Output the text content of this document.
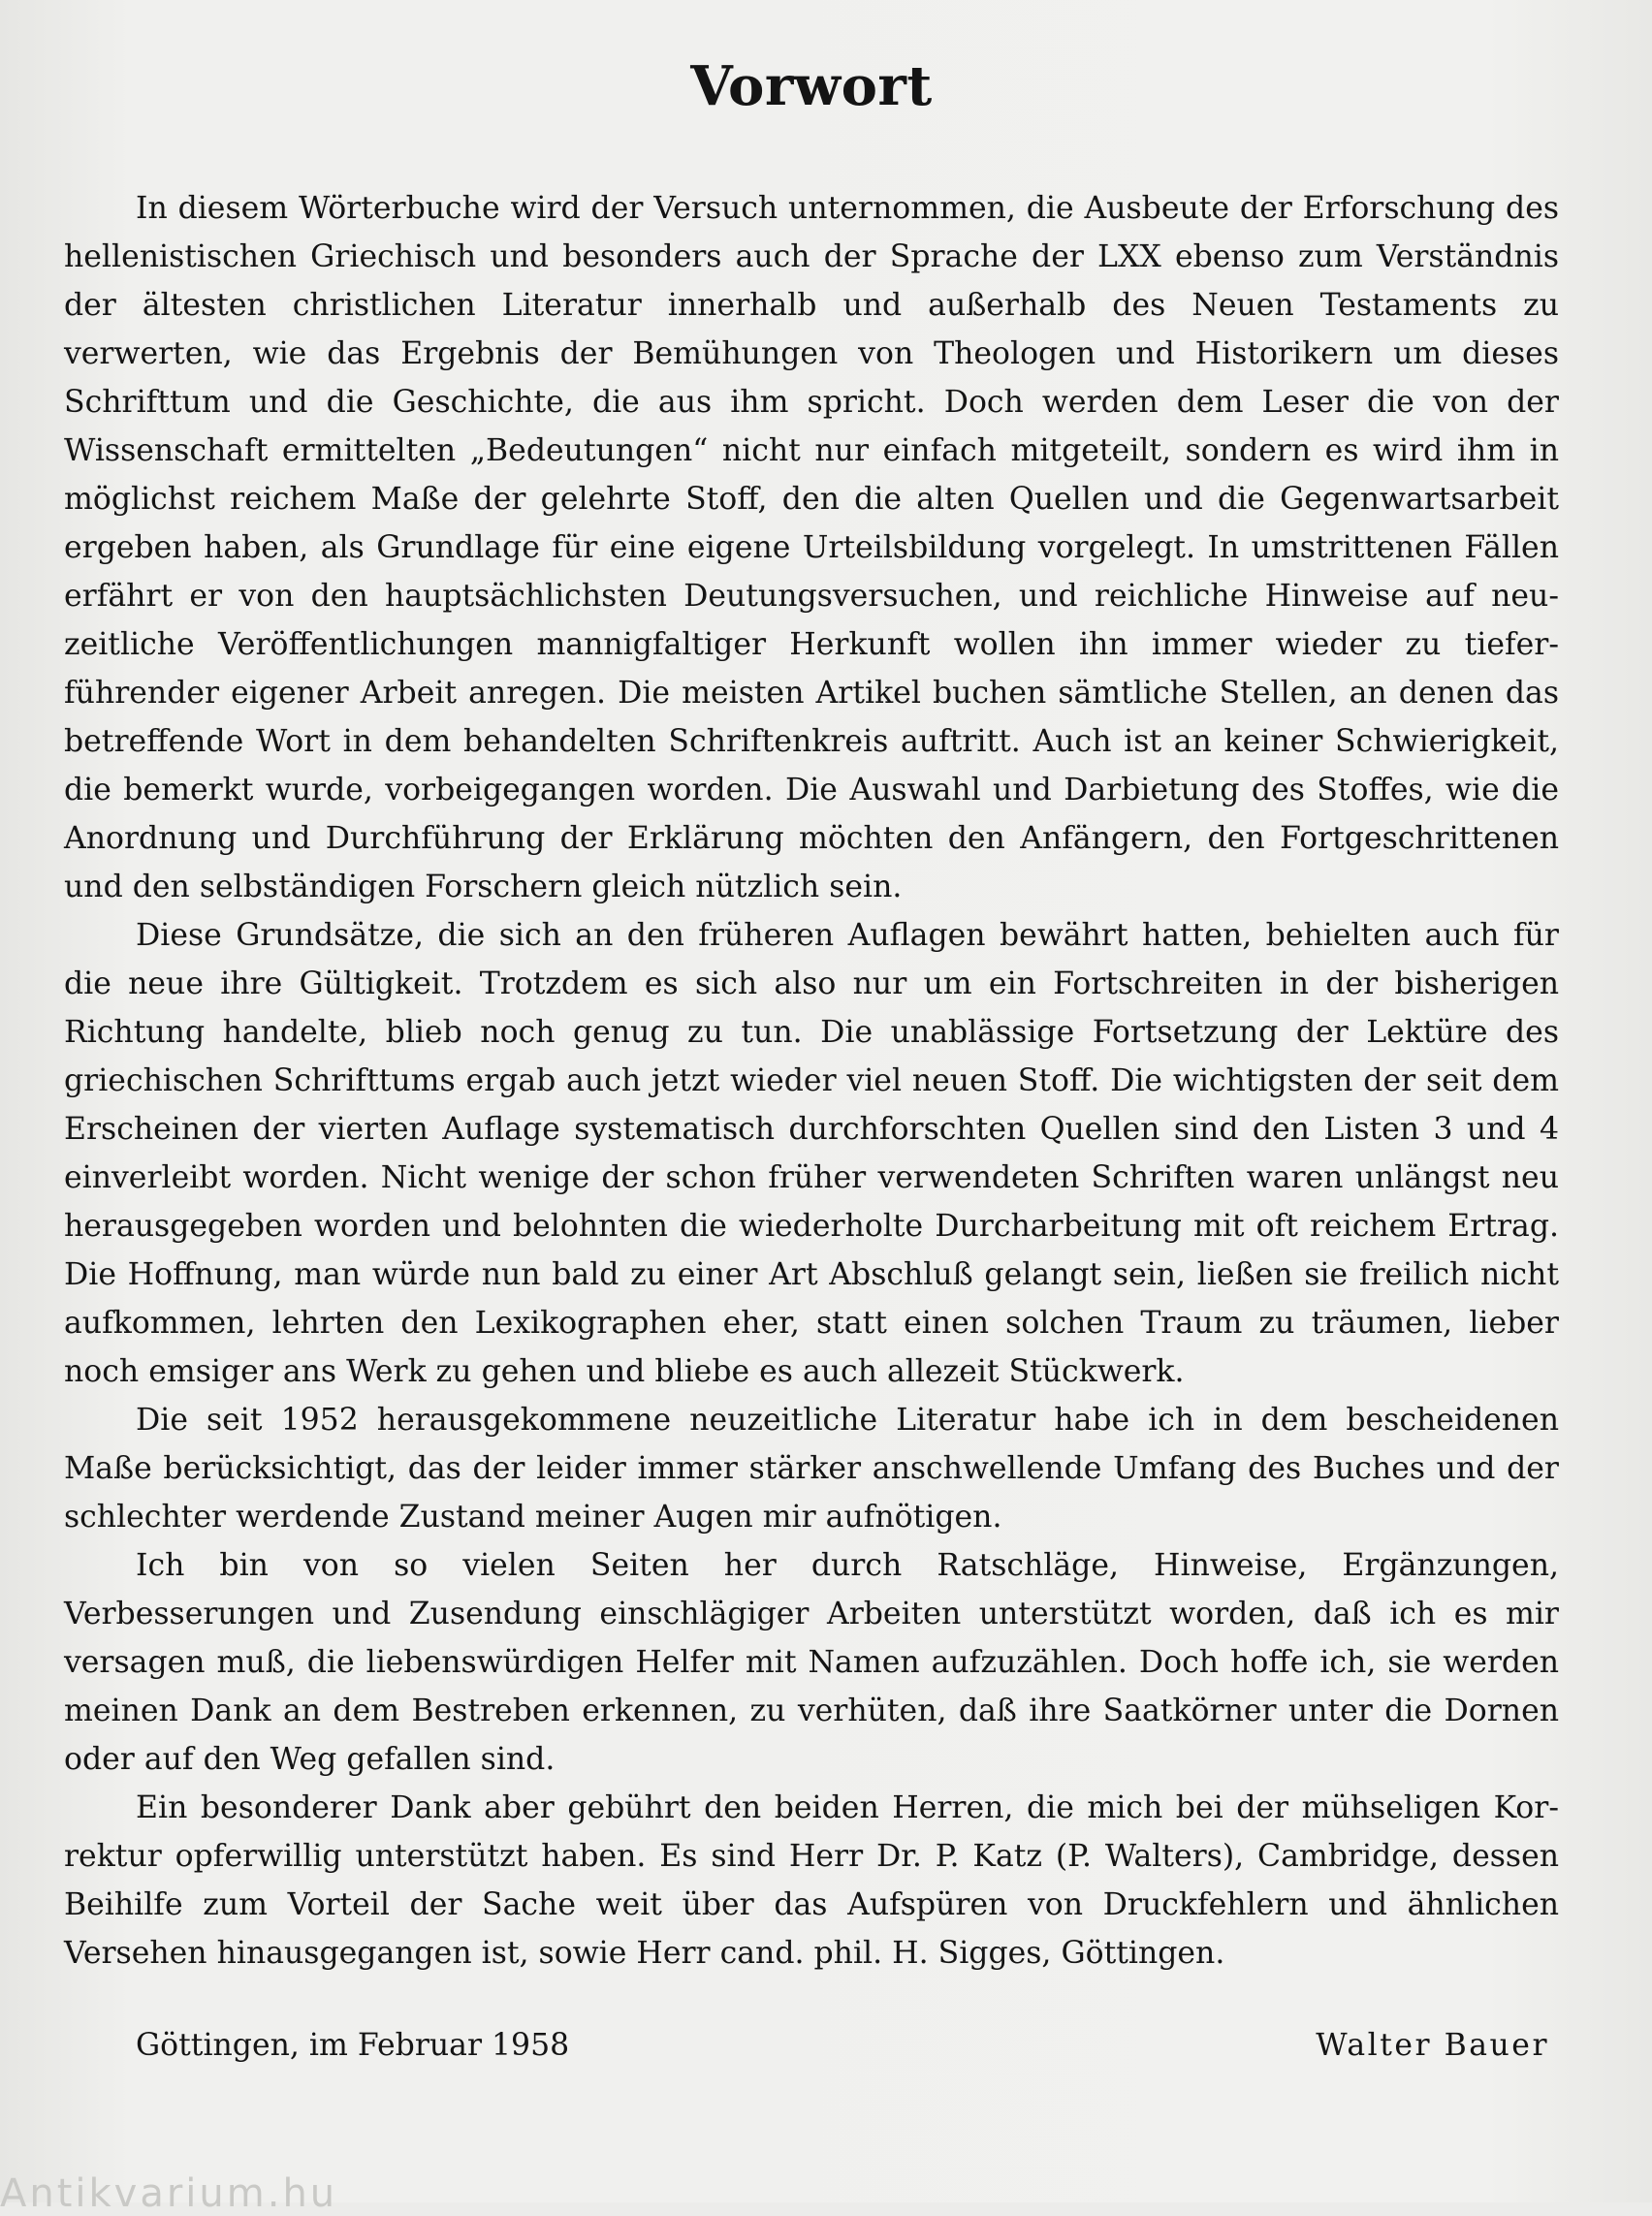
Vorwort

In diesem Wörterbuche wird der Versuch unternommen, die Ausbeute der Erforschung des hellenistischen Griechisch und besonders auch der Sprache der LXX ebenso zum Verständnis der ältesten christlichen Literatur innerhalb und außerhalb des Neuen Testaments zu verwerten, wie das Ergebnis der Bemühungen von Theologen und Historikern um dieses Schrifttum und die Geschichte, die aus ihm spricht. Doch werden dem Leser die von der Wissenschaft ermittelten „Bedeutungen“ nicht nur einfach mitgeteilt, sondern es wird ihm in möglichst reichem Maße der gelehrte Stoff, den die alten Quellen und die Gegenwartsarbeit ergeben haben, als Grundlage für eine eigene Urteilsbildung vorgelegt. In umstrittenen Fällen erfährt er von den hauptsächlichsten Deutungsversuchen, und reichliche Hinweise auf neuzeitliche Veröffentlichungen mannigfaltiger Herkunft wollen ihn immer wieder zu tieferführender eigener Arbeit anregen. Die meisten Artikel buchen sämtliche Stellen, an denen das betreffende Wort in dem behandelten Schriftenkreis auftritt. Auch ist an keiner Schwierigkeit, die bemerkt wurde, vorbeigegangen worden. Die Auswahl und Darbietung des Stoffes, wie die Anordnung und Durchführung der Erklärung möchten den Anfängern, den Fortgeschrittenen und den selbständigen Forschern gleich nützlich sein.

Diese Grundsätze, die sich an den früheren Auflagen bewährt hatten, behielten auch für die neue ihre Gültigkeit. Trotzdem es sich also nur um ein Fortschreiten in der bisherigen Richtung handelte, blieb noch genug zu tun. Die unablässige Fortsetzung der Lektüre des griechischen Schrifttums ergab auch jetzt wieder viel neuen Stoff. Die wichtigsten der seit dem Erscheinen der vierten Auflage systematisch durchforschten Quellen sind den Listen 3 und 4 einverleibt worden. Nicht wenige der schon früher verwendeten Schriften waren unlängst neu herausgegeben worden und belohnten die wiederholte Durcharbeitung mit oft reichem Ertrag. Die Hoffnung, man würde nun bald zu einer Art Abschluß gelangt sein, ließen sie freilich nicht aufkommen, lehrten den Lexikographen eher, statt einen solchen Traum zu träumen, lieber noch emsiger ans Werk zu gehen und bliebe es auch allezeit Stückwerk.

Die seit 1952 herausgekommene neuzeitliche Literatur habe ich in dem bescheidenen Maße berücksichtigt, das der leider immer stärker anschwellende Umfang des Buches und der schlechter werdende Zustand meiner Augen mir aufnötigen.

Ich bin von so vielen Seiten her durch Ratschläge, Hinweise, Ergänzungen, Verbesserungen und Zusendung einschlägiger Arbeiten unterstützt worden, daß ich es mir versagen muß, die liebenswürdigen Helfer mit Namen aufzuzählen. Doch hoffe ich, sie werden meinen Dank an dem Bestreben erkennen, zu verhüten, daß ihre Saatkörner unter die Dornen oder auf den Weg gefallen sind.

Ein besonderer Dank aber gebührt den beiden Herren, die mich bei der mühseligen Korrektur opferwillig unterstützt haben. Es sind Herr Dr. P. Katz (P. Walters), Cambridge, dessen Beihilfe zum Vorteil der Sache weit über das Aufspüren von Druckfehlern und ähnlichen Versehen hinausgegangen ist, sowie Herr cand. phil. H. Sigges, Göttingen.

Göttingen, im Februar 1958	Walter Bauer
Antikvarium.hu
